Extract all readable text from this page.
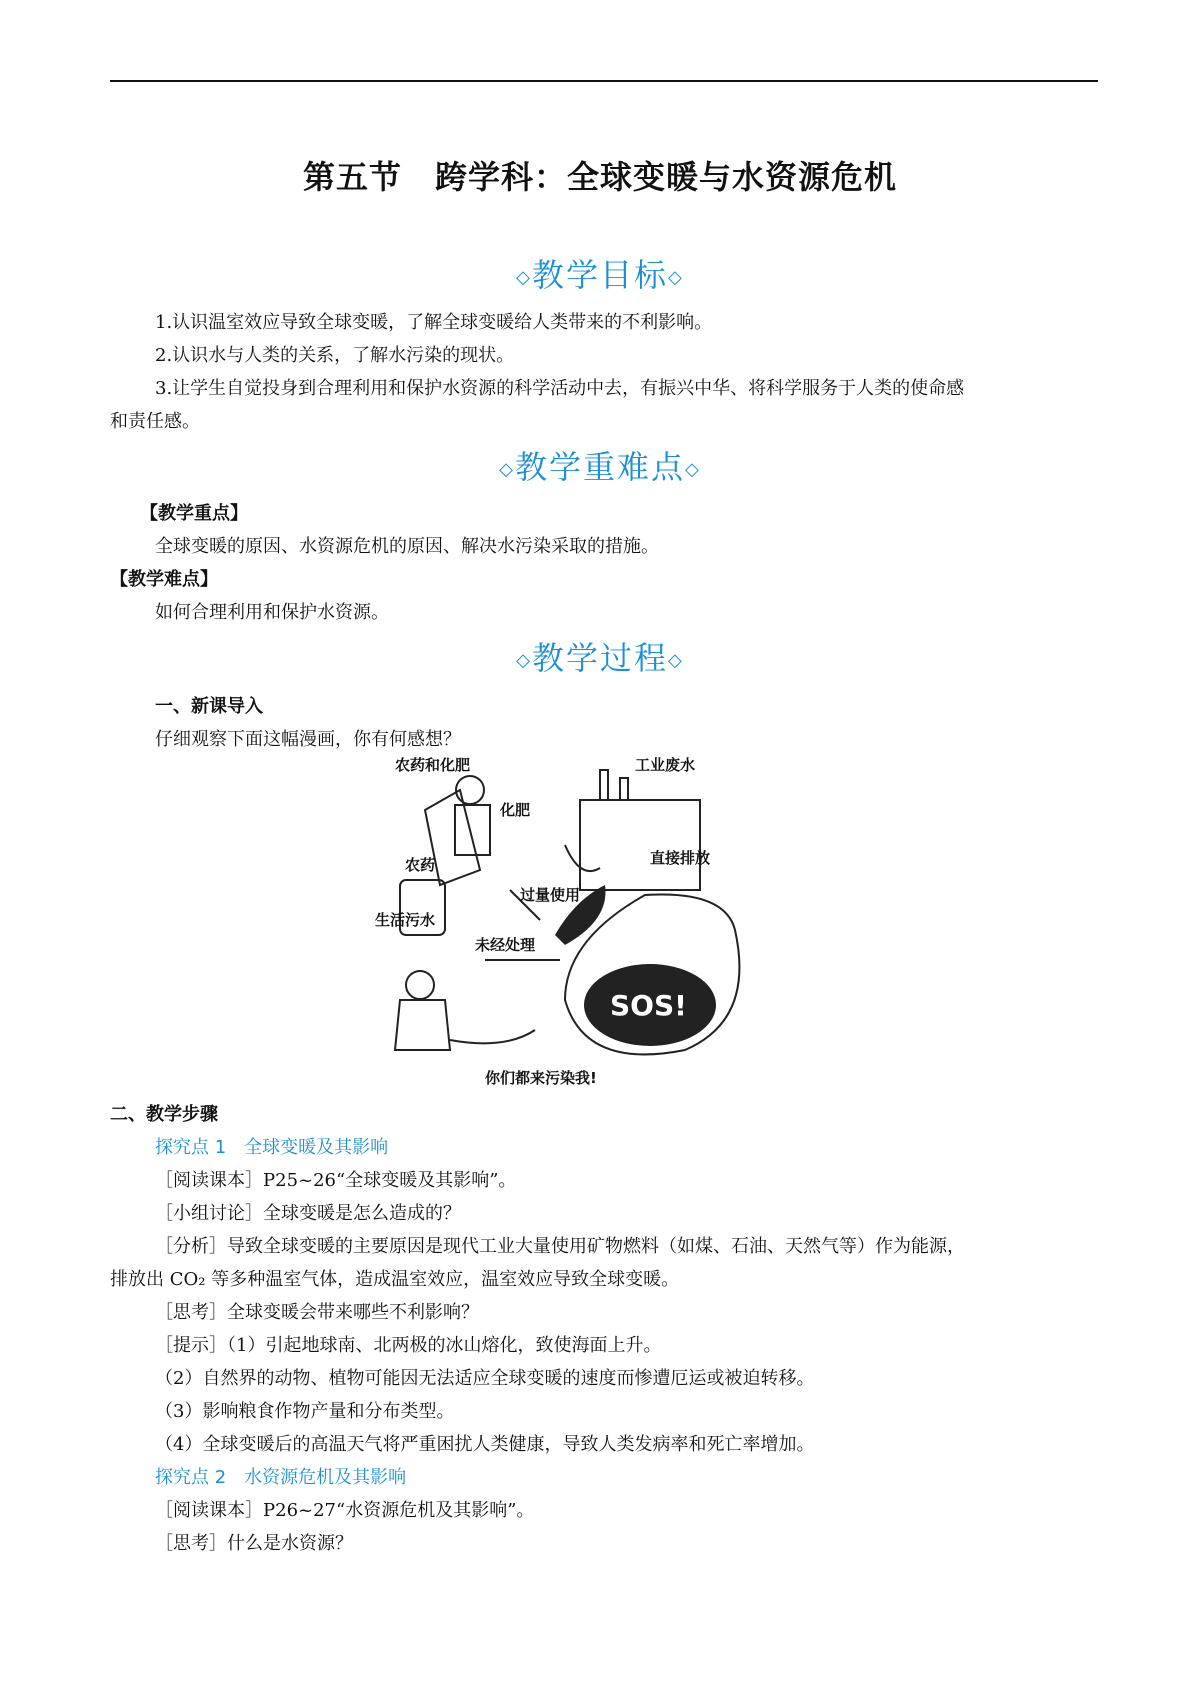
第五节　跨学科：全球变暖与水资源危机
◇教学目标◇
1.认识温室效应导致全球变暖，了解全球变暖给人类带来的不利影响。
2.认识水与人类的关系，了解水污染的现状。
3.让学生自觉投身到合理利用和保护水资源的科学活动中去，有振兴中华、将科学服务于人类的使命感
和责任感。
◇教学重难点◇
【教学重点】
全球变暖的原因、水资源危机的原因、解决水污染采取的措施。
【教学难点】
如何合理利用和保护水资源。
◇教学过程◇
一、新课导入
仔细观察下面这幅漫画，你有何感想？
农药和化肥
化肥
工业废水
农药	直接排放
过量使用
生活污水
未经处理
SOS!
你们都来污染我!
二、教学步骤
探究点 1　全球变暖及其影响
［阅读课本］P25~26“全球变暖及其影响”。
［小组讨论］全球变暖是怎么造成的？
［分析］导致全球变暖的主要原因是现代工业大量使用矿物燃料（如煤、石油、天然气等）作为能源，
排放出 CO₂ 等多种温室气体，造成温室效应，温室效应导致全球变暖。
［思考］全球变暖会带来哪些不利影响？
［提示］（1）引起地球南、北两极的冰山熔化，致使海面上升。
（2）自然界的动物、植物可能因无法适应全球变暖的速度而惨遭厄运或被迫转移。
（3）影响粮食作物产量和分布类型。
（4）全球变暖后的高温天气将严重困扰人类健康，导致人类发病率和死亡率增加。
探究点 2　水资源危机及其影响
［阅读课本］P26~27“水资源危机及其影响”。
［思考］什么是水资源？
